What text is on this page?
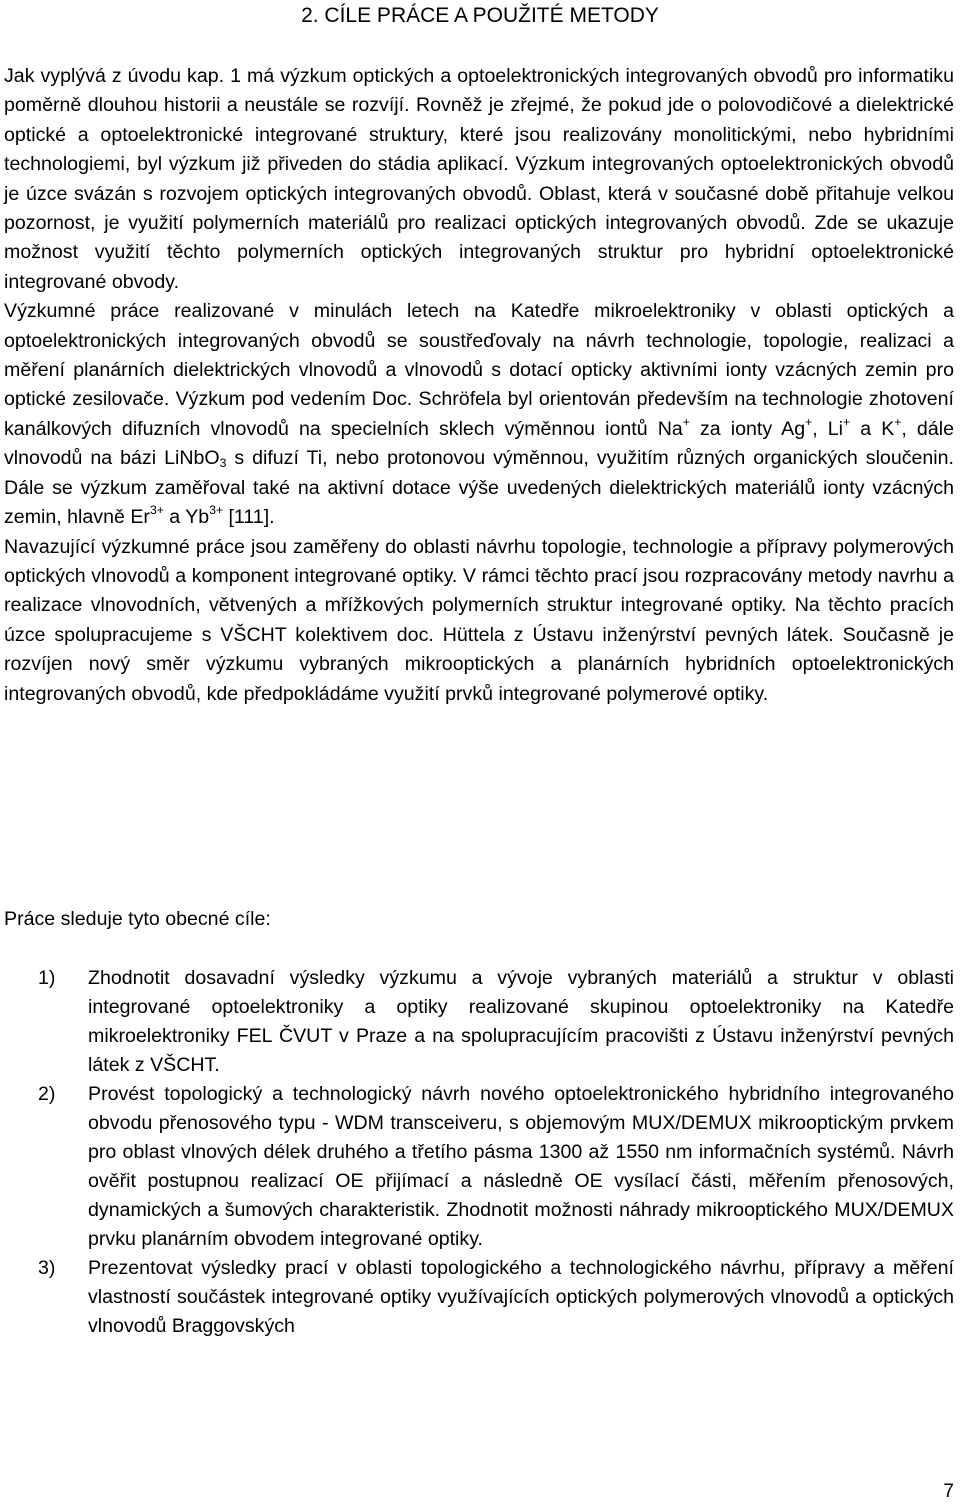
2. CÍLE PRÁCE A POUŽITÉ METODY

Jak vyplývá z úvodu kap. 1 má výzkum optických a optoelektronických integrovaných obvodů pro informatiku poměrně dlouhou historii a neustále se rozvíjí. Rovněž je zřejmé, že pokud jde o polovodičové a dielektrické optické a optoelektronické integrované struktury, které jsou realizovány monolitickými, nebo hybridními technologiemi, byl výzkum již přiveden do stádia aplikací. Výzkum integrovaných optoelektronických obvodů je úzce svázán s rozvojem optických integrovaných obvodů. Oblast, která v současné době přitahuje velkou pozornost, je využití polymerních materiálů pro realizaci optických integrovaných obvodů. Zde se ukazuje možnost využití těchto polymerních optických integrovaných struktur pro hybridní optoelektronické integrované obvody.

Výzkumné práce realizované v minulách letech na Katedře mikroelektroniky v oblasti optických a optoelektronických integrovaných obvodů se soustřeďovaly na návrh technologie, topologie, realizaci a měření planárních dielektrických vlnovodů a vlnovodů s dotací opticky aktivními ionty vzácných zemin pro optické zesilovače. Výzkum pod vedením Doc. Schröfela byl orientován především na technologie zhotovení kanálkových difuzních vlnovodů na specielních sklech výměnnou iontů Na+ za ionty Ag+, Li+ a K+, dále vlnovodů na bázi LiNbO$_3$ s difuzí Ti, nebo protonovou výměnnou, využitím různých organických sloučenin. Dále se výzkum zaměřoval také na aktivní dotace výše uvedených dielektrických materiálů ionty vzácných zemin, hlavně $Er^{3+}$ a $Yb^{3+}$ [111].

Navazující výzkumné práce jsou zaměřeny do oblasti návrhu topologie, technologie a přípravy polymerových optických vlnovodů a komponent integrované optiky. V rámci těchto prací jsou rozpracovány metody navrhu a realizace vlnovodních, větvených a mřížkových polymerních struktur integrované optiky. Na těchto pracích úzce spolupracujeme s VŠCHT kolektivem doc. Hüttela z Ústavu inženýrství pevných látek. Současně je rozvíjen nový směr výzkumu vybraných mikrooptických a planárních hybridních optoelektronických integrovaných obvodů, kde předpokládáme využití prvků integrované polymerové optiky.

Práce sleduje tyto obecné cíle:

1) Zhodnotit dosavadní výsledky výzkumu a vývoje vybraných materiálů a struktur v oblasti integrované optoelektroniky a optiky realizované skupinou optoelektroniky na Katedře mikroelektroniky FEL ČVUT v Praze a na spolupracujícím pracovišti z Ústavu inženýrství pevných látek z VŠCHT.
2) Provést topologický a technologický návrh nového optoelektronického hybridního integrovaného obvodu přenosového typu - WDM transceiveru, s objemovým MUX/DEMUX mikrooptickým prvkem pro oblast vlnových délek druhého a třetího pásma 1300 až 1550 nm informačních systémů. Návrh ověřit postupnou realizací OE přijímací a následně OE vysílací části, měřením přenosových, dynamických a šumových charakteristik. Zhodnotit možnosti náhrady mikrooptického MUX/DEMUX prvku planárním obvodem integrované optiky.
3) Prezentovat výsledky prací v oblasti topologického a technologického návrhu, přípravy a měření vlastností součástek integrované optiky využívajících optických polymerových vlnovodů a optických vlnovodů Braggovských
7
